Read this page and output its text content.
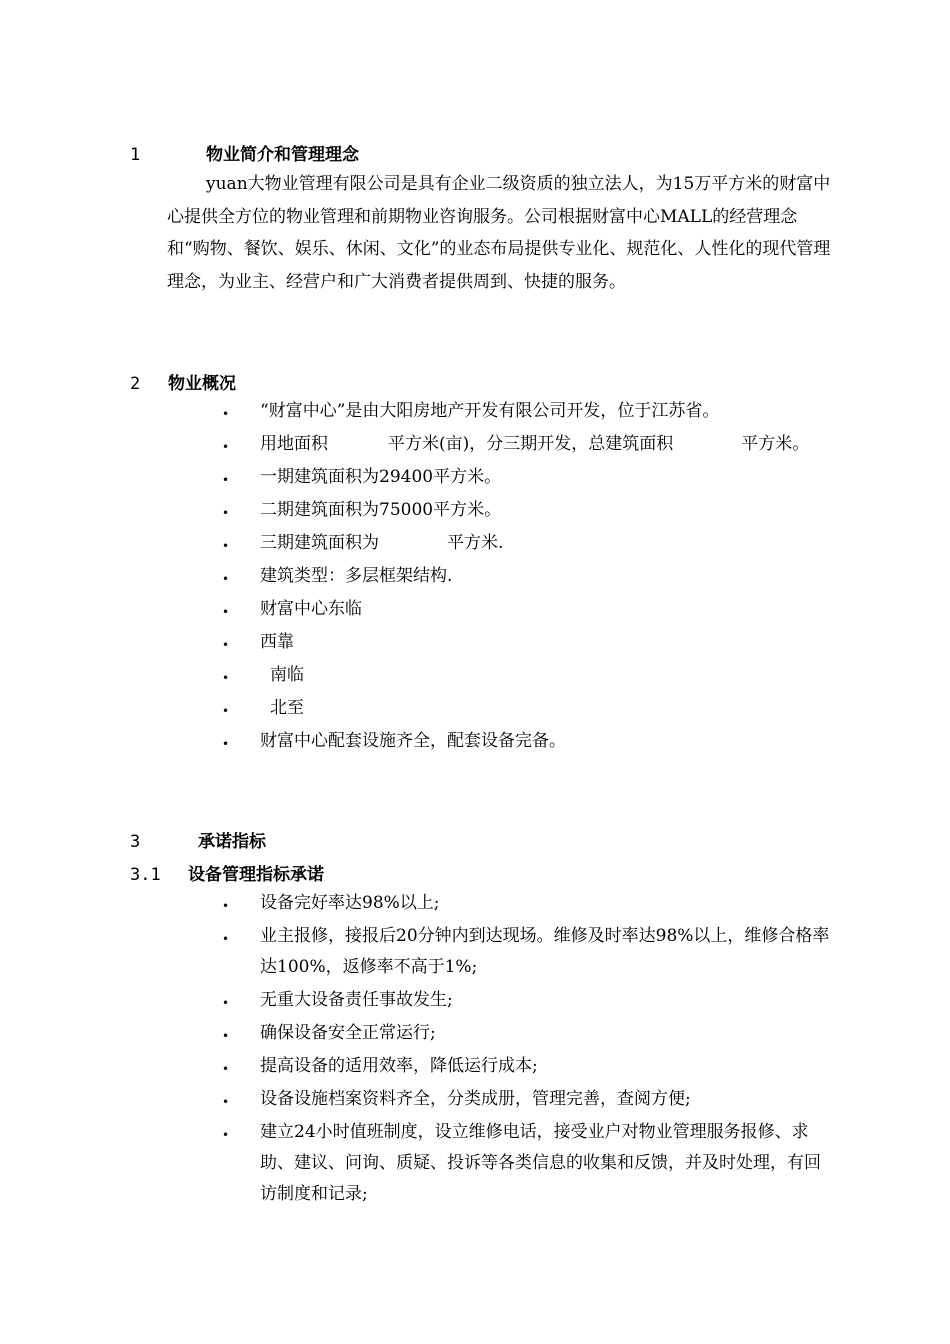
1	物业简介和管理理念

yuan大物业管理有限公司是具有企业二级资质的独立法人，为15万平方米的财富中心提供全方位的物业管理和前期物业咨询服务。公司根据财富中心MALL的经营理念和“购物、餐饮、娱乐、休闲、文化”的业态布局提供专业化、规范化、人性化的现代管理理念，为业主、经营户和广大消费者提供周到、快捷的服务。

2 物业概况
• “财富中心”是由大阳房地产开发有限公司开发，位于江苏省。
• 用地面积	平方米(亩)，分三期开发，总建筑面积	平方米。
• 一期建筑面积为29400平方米。
• 二期建筑面积为75000平方米。
• 三期建筑面积为	平方米.
• 建筑类型：多层框架结构.
• 财富中心东临
• 西靠
• 南临
• 北至
• 财富中心配套设施齐全，配套设备完备。
3	承诺指标
3.1 设备管理指标承诺
• 设备完好率达98%以上;
• 业主报修，接报后20分钟内到达现场。维修及时率达98%以上，维修合格率达100%，返修率不高于1%;
• 无重大设备责任事故发生;
• 确保设备安全正常运行;
• 提高设备的适用效率，降低运行成本;
• 设备设施档案资料齐全，分类成册，管理完善，查阅方便;
• 建立24小时值班制度，设立维修电话，接受业户对物业管理服务报修、求助、建议、问询、质疑、投诉等各类信息的收集和反馈，并及时处理，有回访制度和记录;
